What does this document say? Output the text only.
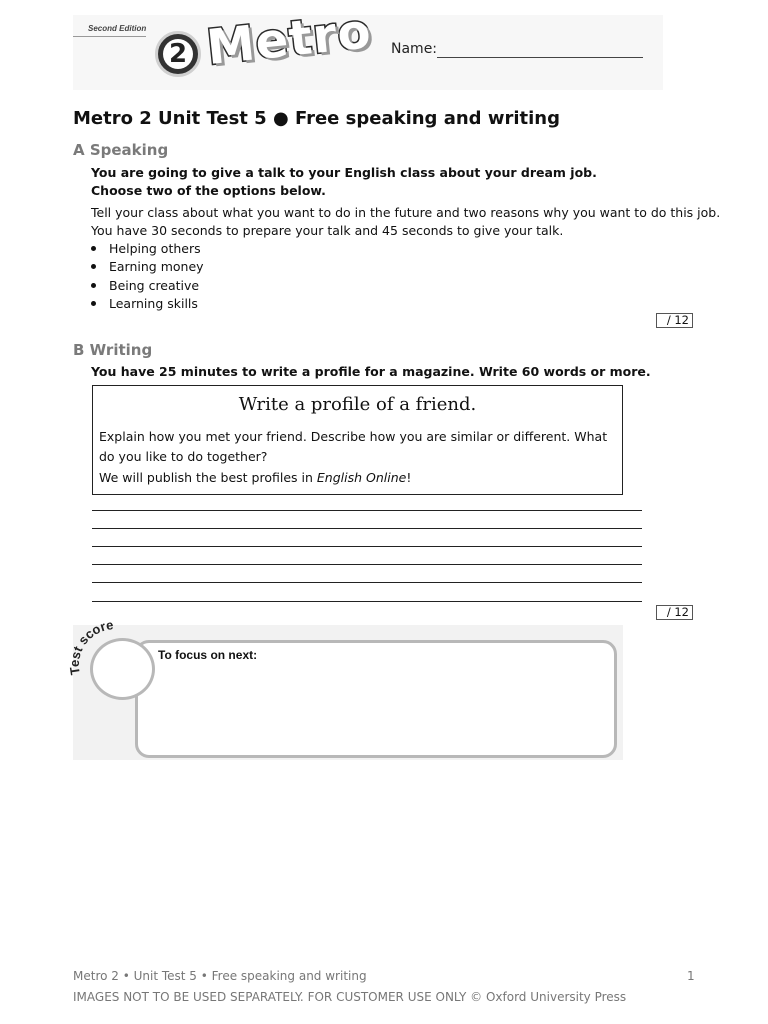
Second Edition
2 Metro Name:
Metro 2 Unit Test 5 ● Free speaking and writing
A Speaking
You are going to give a talk to your English class about your dream job. Choose two of the options below.
Tell your class about what you want to do in the future and two reasons why you want to do this job.
You have 30 seconds to prepare your talk and 45 seconds to give your talk.
Helping others
Earning money
Being creative
Learning skills
/ 12
B Writing
You have 25 minutes to write a profile for a magazine. Write 60 words or more.
Write a profile of a friend.
Explain how you met your friend. Describe how you are similar or different. What do you like to do together?
We will publish the best profiles in English Online!
/ 12
Test score
To focus on next:
Metro 2 • Unit Test 5 • Free speaking and writing	1
IMAGES NOT TO BE USED SEPARATELY. FOR CUSTOMER USE ONLY © Oxford University Press
